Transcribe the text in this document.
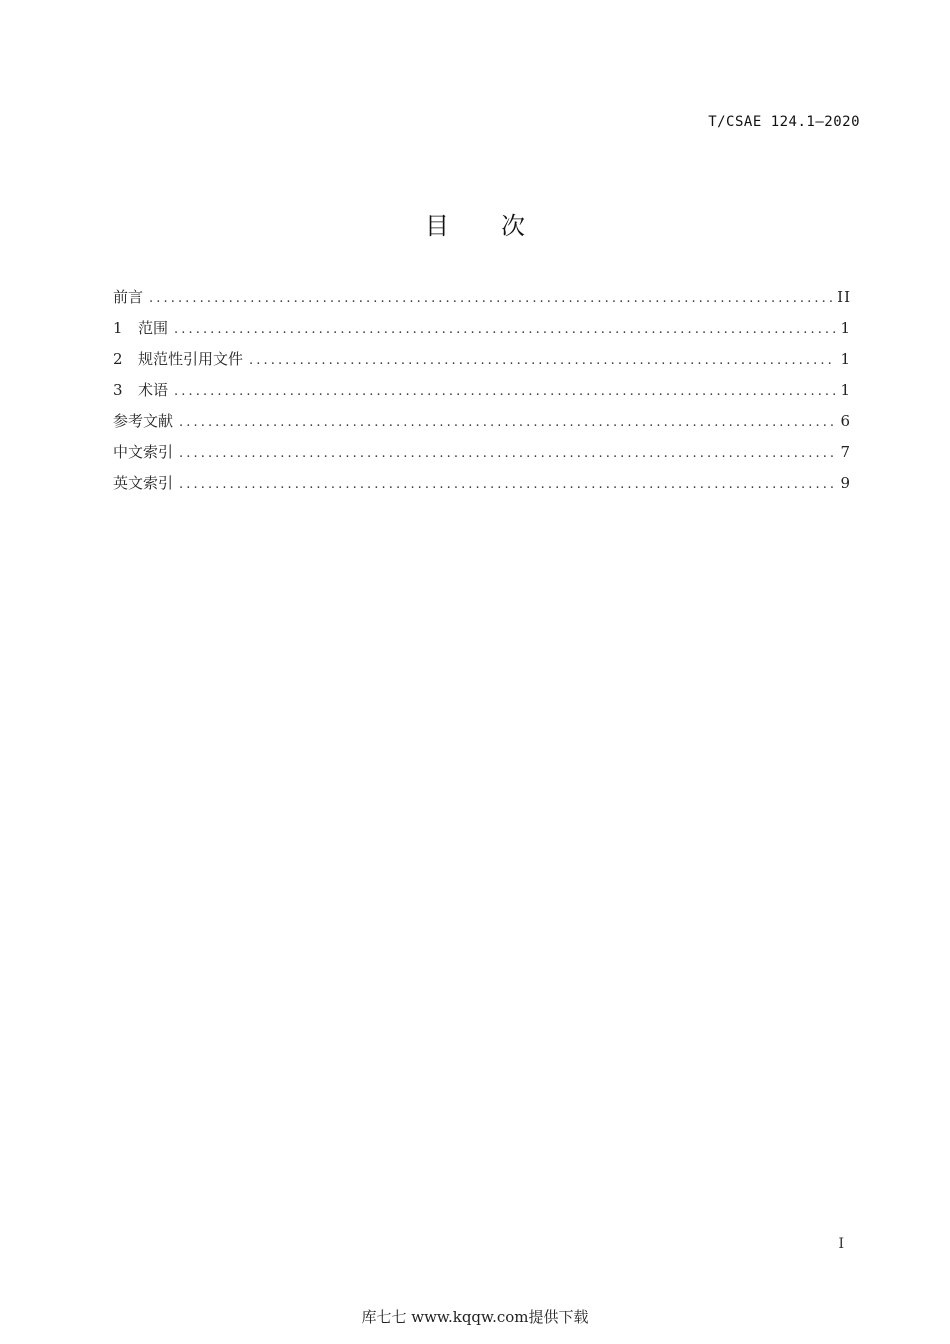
T/CSAE 124.1—2020
目 次
前言 .....	II
1	范围 .....	1
2	规范性引用文件 .....	1
3	术语 .....	1
参考文献 .....	6
中文索引 .....	7
英文索引 .....	9
I
库七七 www.kqqw.com提供下载
